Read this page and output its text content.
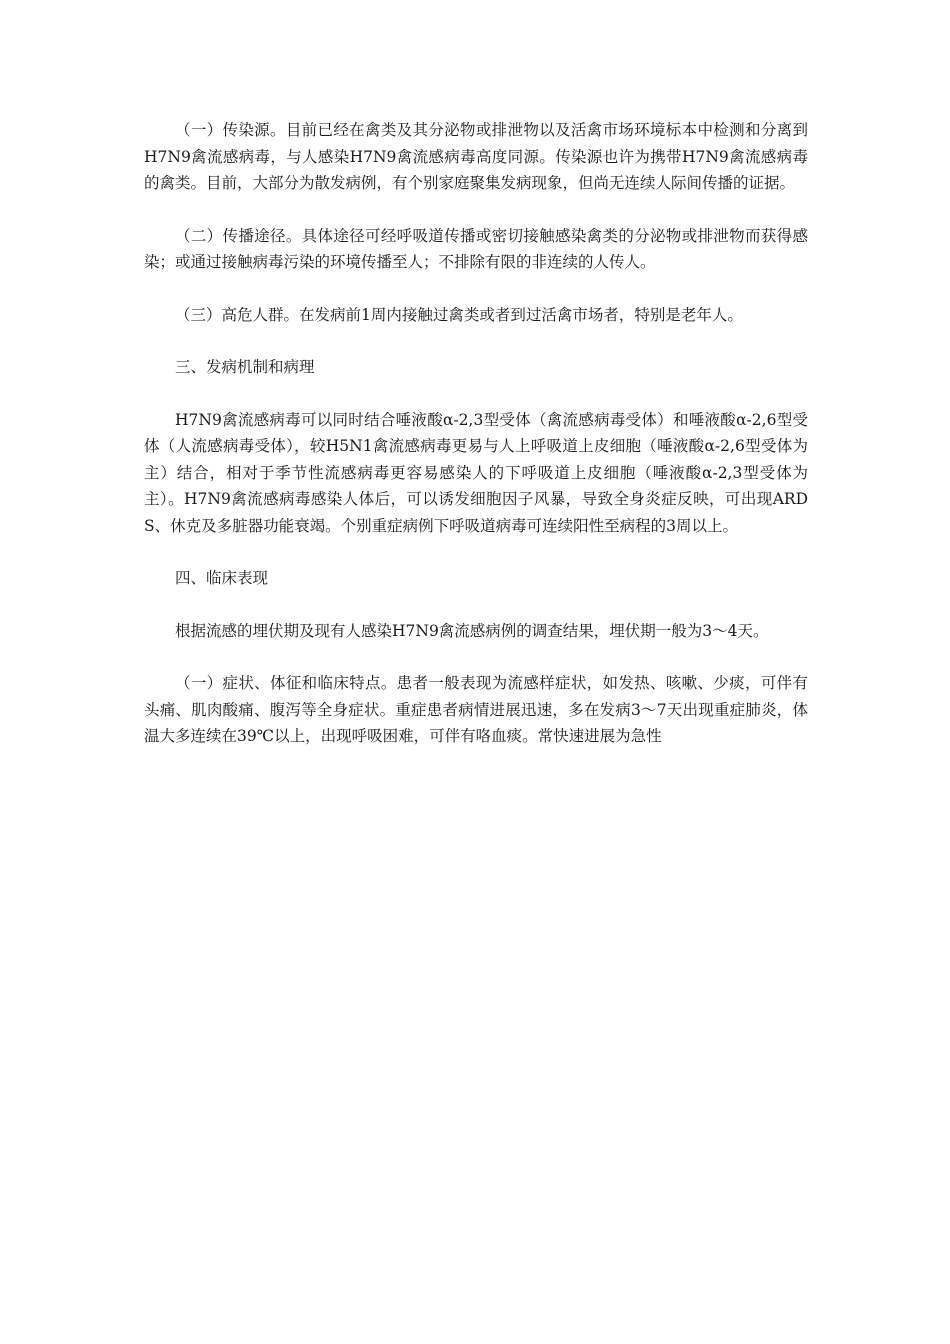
（一）传染源。目前已经在禽类及其分泌物或排泄物以及活禽市场环境标本中检测和分离到H7N9禽流感病毒，与人感染H7N9禽流感病毒高度同源。传染源也许为携带H7N9禽流感病毒的禽类。目前，大部分为散发病例，有个别家庭聚集发病现象，但尚无连续人际间传播的证据。

（二）传播途径。具体途径可经呼吸道传播或密切接触感染禽类的分泌物或排泄物而获得感染；或通过接触病毒污染的环境传播至人；不排除有限的非连续的人传人。

（三）高危人群。在发病前1周内接触过禽类或者到过活禽市场者，特别是老年人。

三、发病机制和病理

H7N9禽流感病毒可以同时结合唾液酸α-2,3型受体（禽流感病毒受体）和唾液酸α-2,6型受体（人流感病毒受体），较H5N1禽流感病毒更易与人上呼吸道上皮细胞（唾液酸α-2,6型受体为主）结合，相对于季节性流感病毒更容易感染人的下呼吸道上皮细胞（唾液酸α-2,3型受体为主）。H7N9禽流感病毒感染人体后，可以诱发细胞因子风暴，导致全身炎症反映，可出现ARDS、休克及多脏器功能衰竭。个别重症病例下呼吸道病毒可连续阳性至病程的3周以上。

四、临床表现

根据流感的埋伏期及现有人感染H7N9禽流感病例的调查结果，埋伏期一般为3～4天。

（一）症状、体征和临床特点。患者一般表现为流感样症状，如发热、咳嗽、少痰，可伴有头痛、肌肉酸痛、腹泻等全身症状。重症患者病情进展迅速，多在发病3～7天出现重症肺炎，体温大多连续在39℃以上，出现呼吸困难，可伴有咯血痰。常快速进展为急性
